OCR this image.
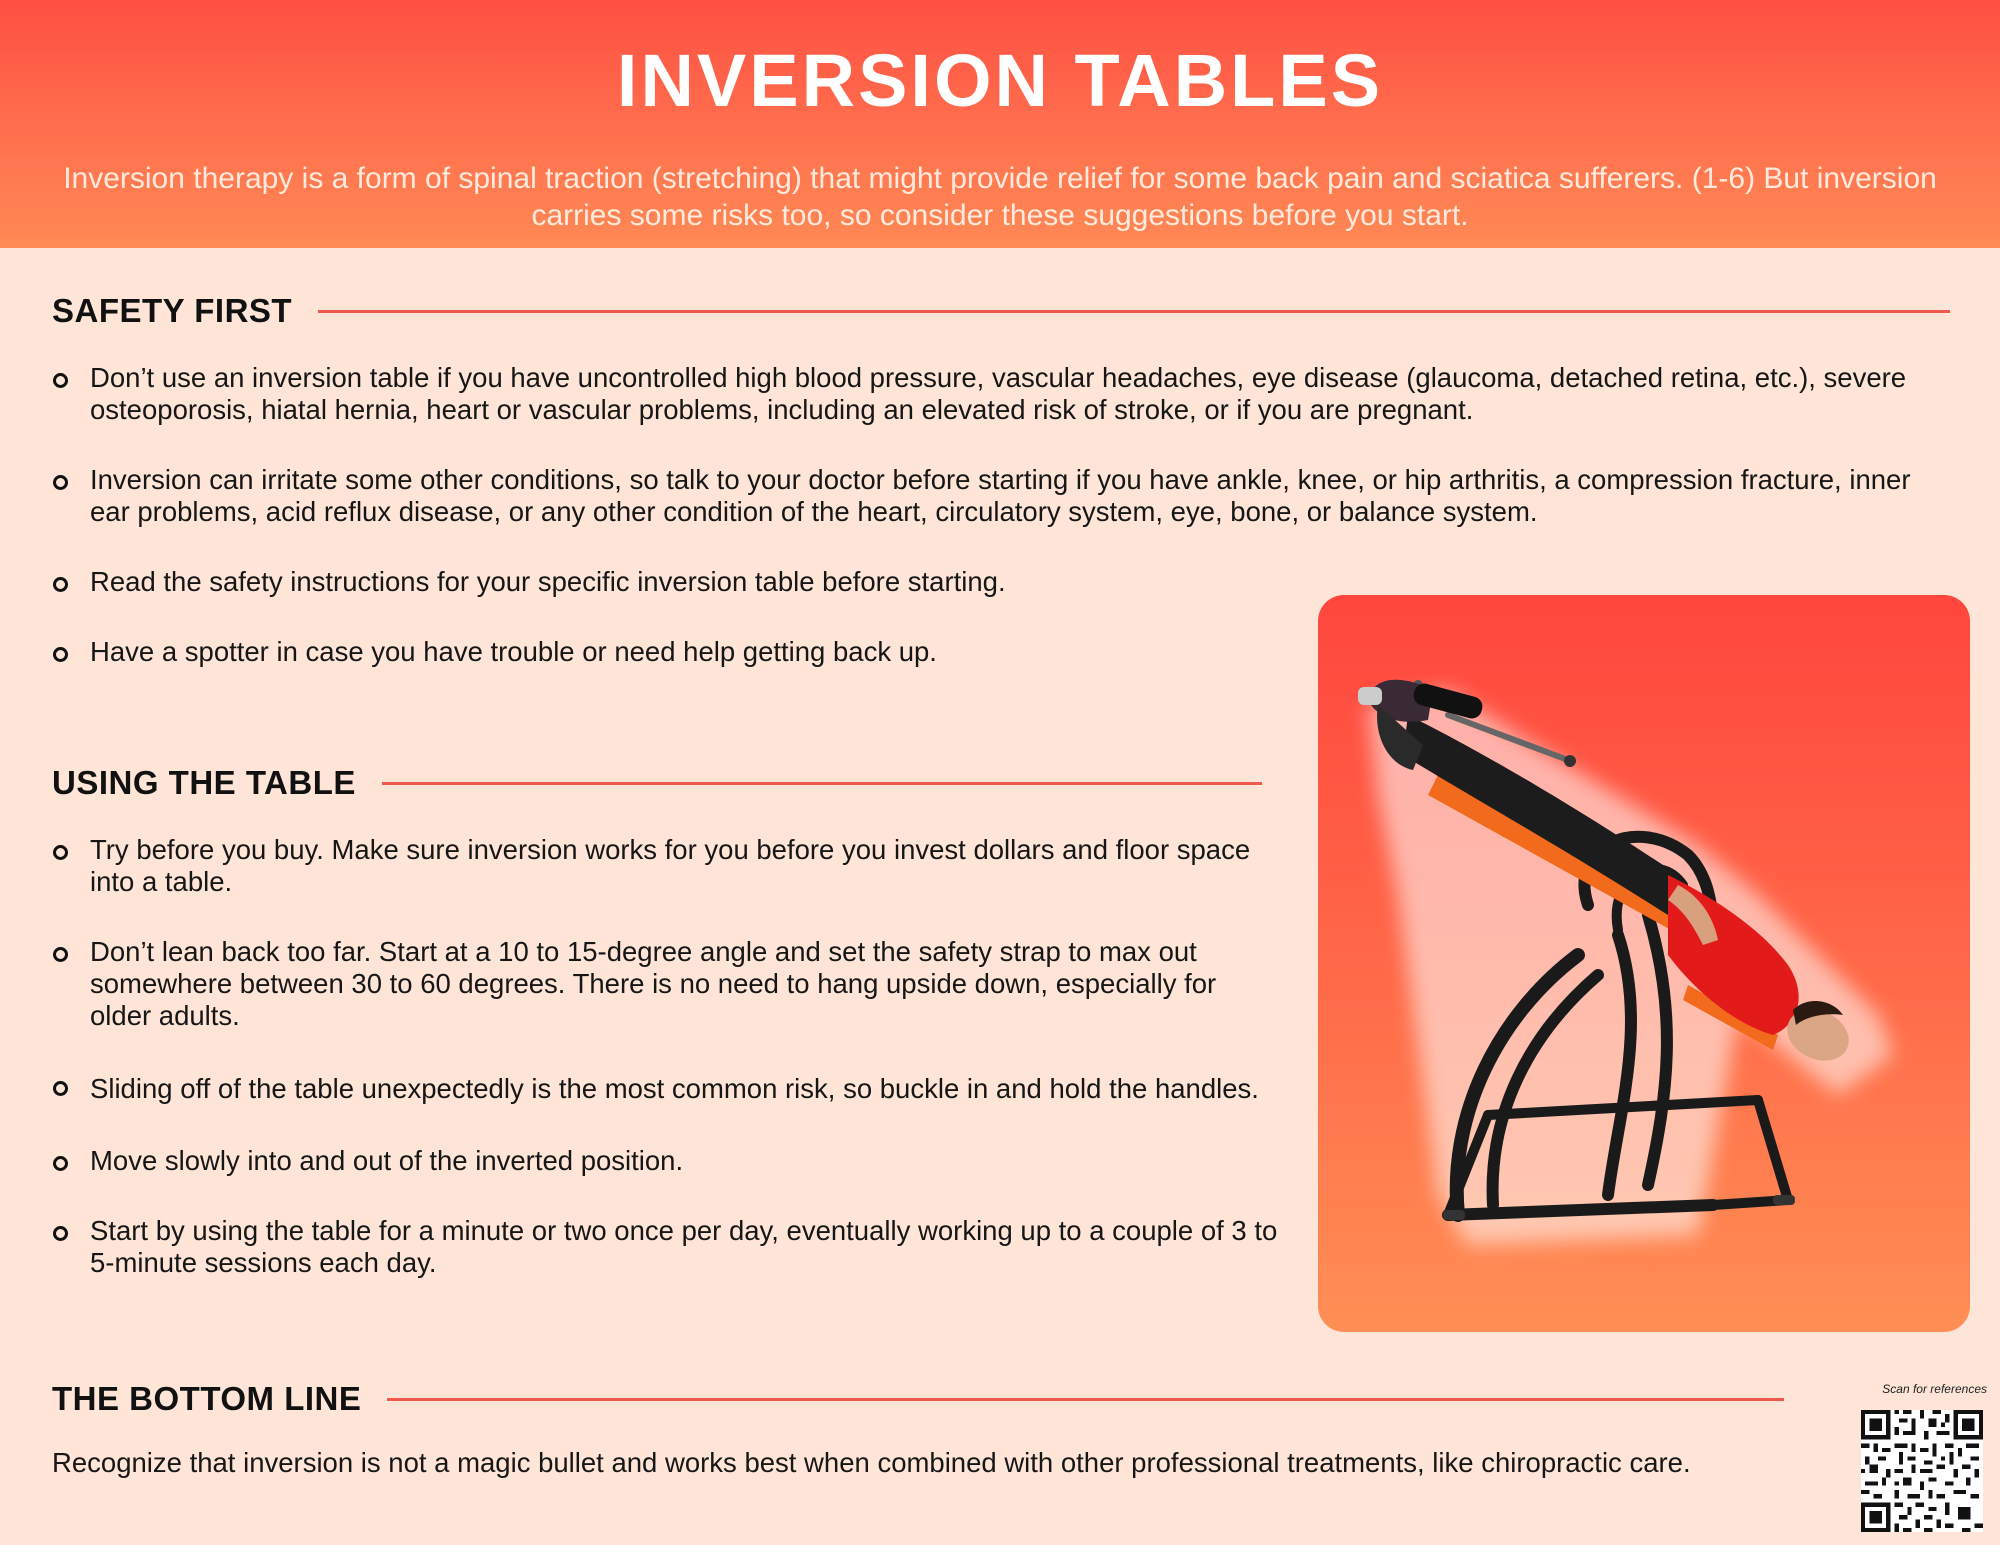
INVERSION TABLES
Inversion therapy is a form of spinal traction (stretching) that might provide relief for some back pain and sciatica sufferers. (1-6) But inversion carries some risks too, so consider these suggestions before you start.
SAFETY FIRST
Don’t use an inversion table if you have uncontrolled high blood pressure, vascular headaches, eye disease (glaucoma, detached retina, etc.), severe osteoporosis, hiatal hernia, heart or vascular problems, including an elevated risk of stroke, or if you are pregnant.
Inversion can irritate some other conditions, so talk to your doctor before starting if you have ankle, knee, or hip arthritis, a compression fracture, inner ear problems, acid reflux disease, or any other condition of the heart, circulatory system, eye, bone, or balance system.
Read the safety instructions for your specific inversion table before starting.
Have a spotter in case you have trouble or need help getting back up.
USING THE TABLE
Try before you buy. Make sure inversion works for you before you invest dollars and floor space into a table.
Don’t lean back too far. Start at a 10 to 15-degree angle and set the safety strap to max out somewhere between 30 to 60 degrees. There is no need to hang upside down, especially for older adults.
Sliding off of the table unexpectedly is the most common risk, so buckle in and hold the handles.
Move slowly into and out of the inverted position.
Start by using the table for a minute or two once per day, eventually working up to a couple of 3 to 5-minute sessions each day.
THE BOTTOM LINE
Recognize that inversion is not a magic bullet and works best when combined with other professional treatments, like chiropractic care.
Scan for references
